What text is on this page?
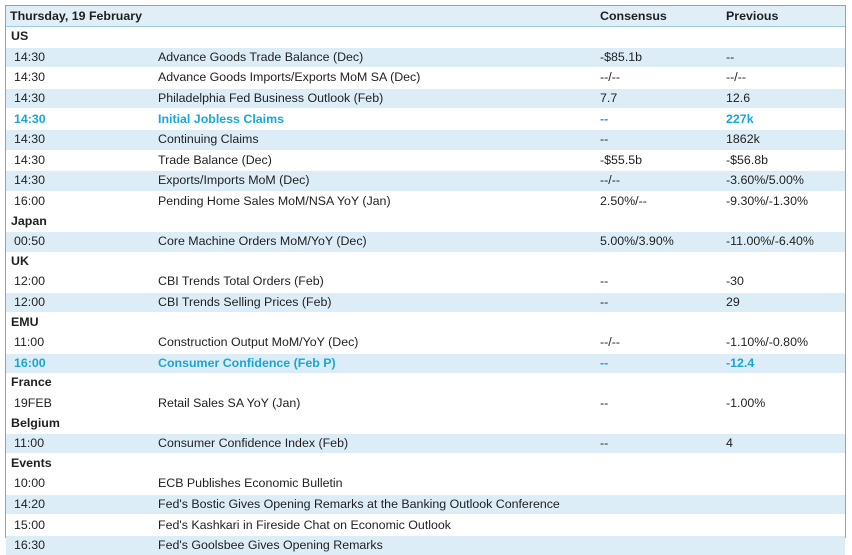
Thursday, 19 February		Consensus	Previous
US			
14:30	Advance Goods Trade Balance (Dec)	-$85.1b	--
14:30	Advance Goods Imports/Exports MoM SA (Dec)	--/--	--/--
14:30	Philadelphia Fed Business Outlook (Feb)	7.7	12.6
14:30	Initial Jobless Claims	--	227k
14:30	Continuing Claims	--	1862k
14:30	Trade Balance (Dec)	-$55.5b	-$56.8b
14:30	Exports/Imports MoM (Dec)	--/--	-3.60%/5.00%
16:00	Pending Home Sales MoM/NSA YoY (Jan)	2.50%/--	-9.30%/-1.30%
Japan			
00:50	Core Machine Orders MoM/YoY (Dec)	5.00%/3.90%	-11.00%/-6.40%
UK			
12:00	CBI Trends Total Orders (Feb)	--	-30
12:00	CBI Trends Selling Prices (Feb)	--	29
EMU			
11:00	Construction Output MoM/YoY (Dec)	--/--	-1.10%/-0.80%
16:00	Consumer Confidence (Feb P)	--	-12.4
France			
19FEB	Retail Sales SA YoY (Jan)	--	-1.00%
Belgium			
11:00	Consumer Confidence Index (Feb)	--	4
Events			
10:00	ECB Publishes Economic Bulletin		
14:20	Fed's Bostic Gives Opening Remarks at the Banking Outlook Conference		
15:00	Fed's Kashkari in Fireside Chat on Economic Outlook		
16:30	Fed's Goolsbee Gives Opening Remarks		
